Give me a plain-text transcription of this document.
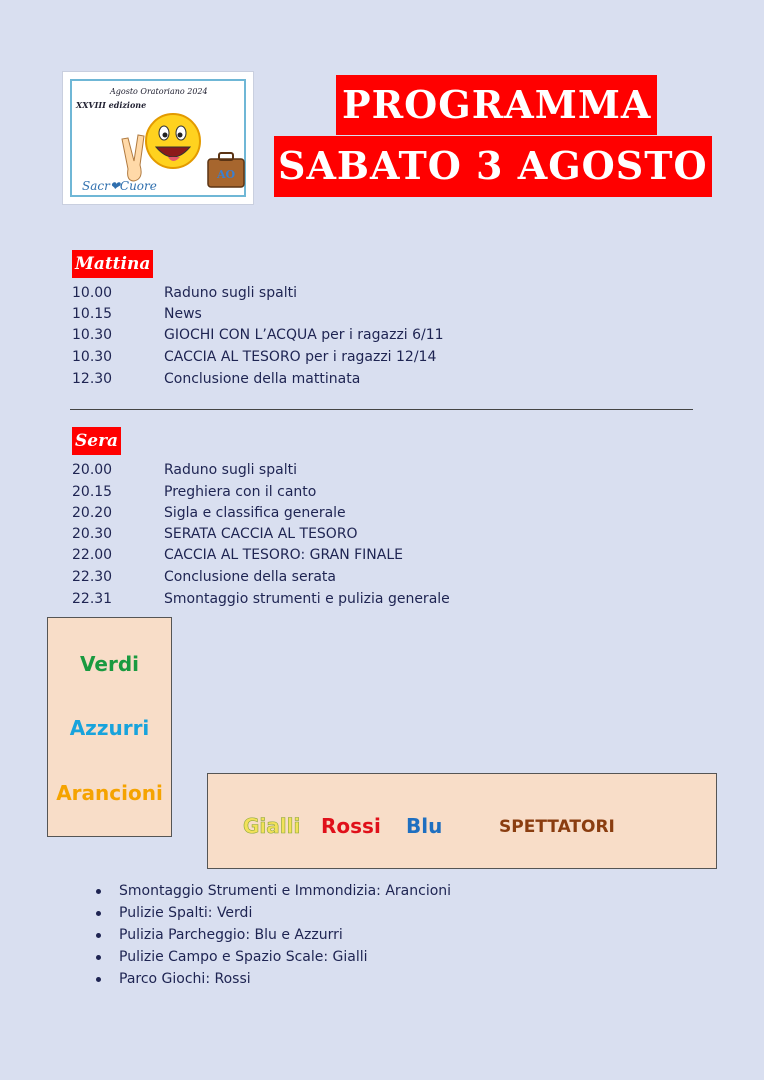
Agosto Oratoriano 2024
XXVIII edizione
AO
Sacr❤Cuore
PROGRAMMA
SABATO 3 AGOSTO
Mattina
10.00	Raduno sugli spalti
10.15	News
10.30	GIOCHI CON L’ACQUA per i ragazzi 6/11
10.30	CACCIA AL TESORO per i ragazzi 12/14
12.30	Conclusione della mattinata
Sera
20.00	Raduno sugli spalti
20.15	Preghiera con il canto
20.20	Sigla e classifica generale
20.30	SERATA CACCIA AL TESORO
22.00	CACCIA AL TESORO: GRAN FINALE
22.30	Conclusione della serata
22.31	Smontaggio strumenti e pulizia generale
Verdi
Azzurri
Arancioni
Gialli Rossi Blu	SPETTATORI
Smontaggio Strumenti e Immondizia: Arancioni
Pulizie Spalti: Verdi
Pulizia Parcheggio: Blu e Azzurri
Pulizie Campo e Spazio Scale: Gialli
Parco Giochi: Rossi
